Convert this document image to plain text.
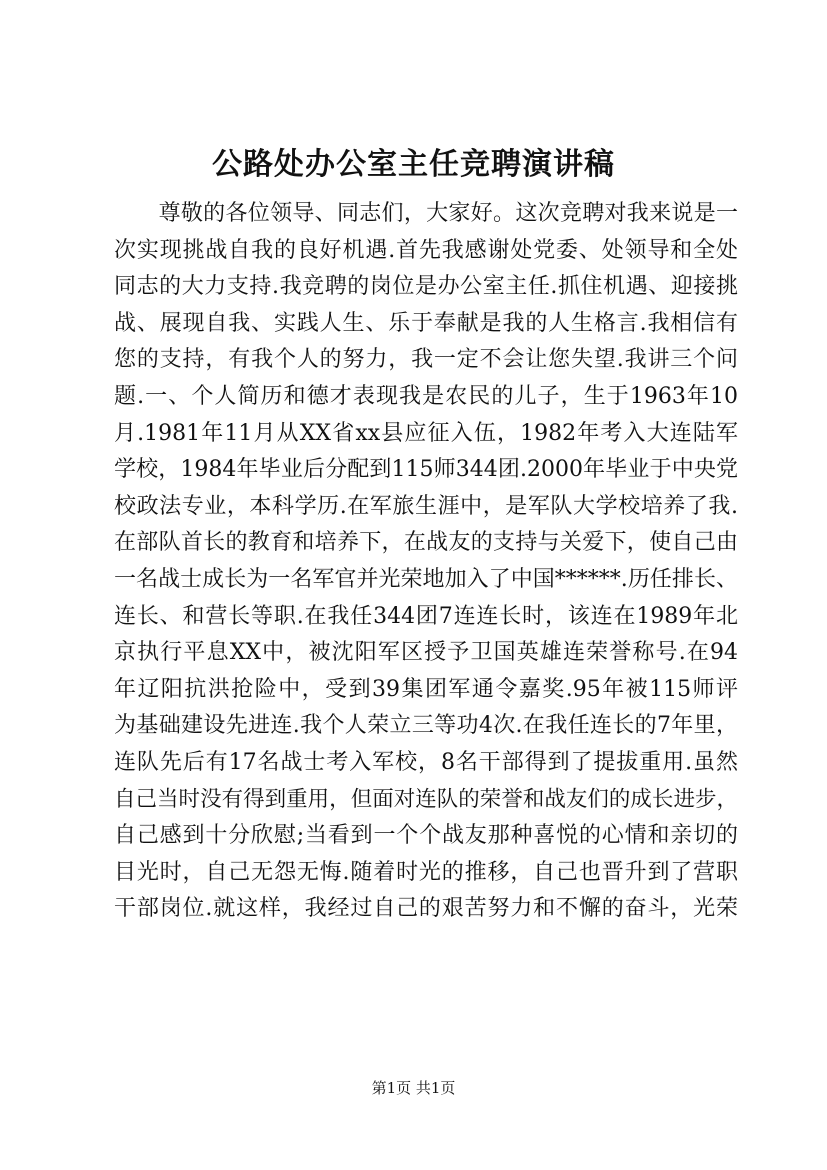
公路处办公室主任竞聘演讲稿
　　尊敬的各位领导、同志们，大家好。这次竞聘对我来说是一
次实现挑战自我的良好机遇.首先我感谢处党委、处领导和全处
同志的大力支持.我竞聘的岗位是办公室主任.抓住机遇、迎接挑
战、展现自我、实践人生、乐于奉献是我的人生格言.我相信有
您的支持，有我个人的努力，我一定不会让您失望.我讲三个问
题.一、个人简历和德才表现我是农民的儿子，生于1963年10
月.1981年11月从XX省xx县应征入伍，1982年考入大连陆军
学校，1984年毕业后分配到115师344团.2000年毕业于中央党
校政法专业，本科学历.在军旅生涯中，是军队大学校培养了我.
在部队首长的教育和培养下，在战友的支持与关爱下，使自己由
一名战士成长为一名军官并光荣地加入了中国******.历任排长、
连长、和营长等职.在我任344团7连连长时，该连在1989年北
京执行平息XX中，被沈阳军区授予卫国英雄连荣誉称号.在94
年辽阳抗洪抢险中，受到39集团军通令嘉奖.95年被115师评
为基础建设先进连.我个人荣立三等功4次.在我任连长的7年里，
连队先后有17名战士考入军校，8名干部得到了提拔重用.虽然
自己当时没有得到重用，但面对连队的荣誉和战友们的成长进步，
自己感到十分欣慰;当看到一个个战友那种喜悦的心情和亲切的
目光时，自己无怨无悔.随着时光的推移，自己也晋升到了营职
干部岗位.就这样，我经过自己的艰苦努力和不懈的奋斗，光荣
第1页 共1页
